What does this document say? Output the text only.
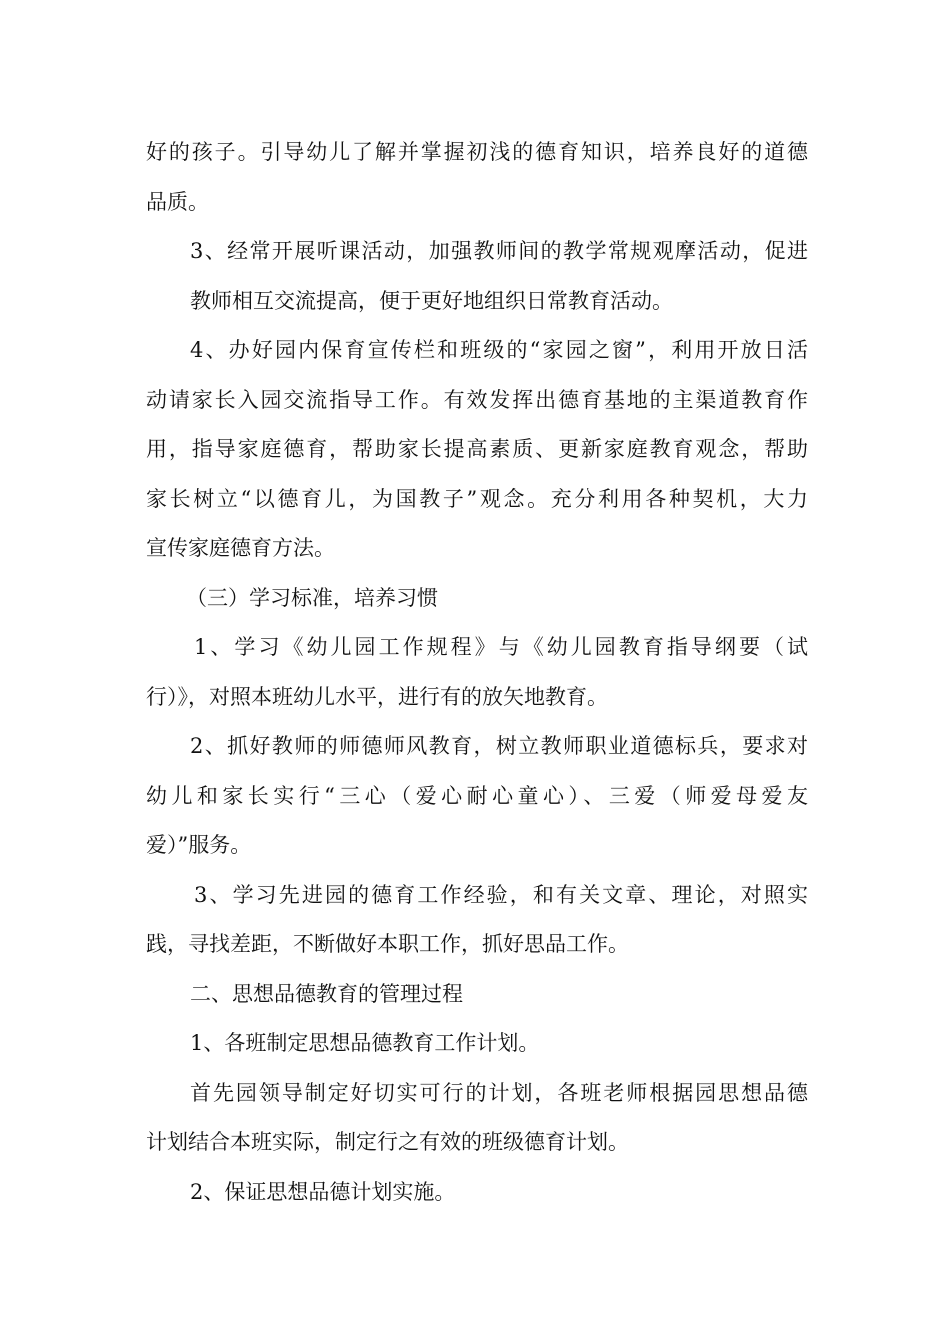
好的孩子。引导幼儿了解并掌握初浅的德育知识，培养良好的道德
品质。
3、经常开展听课活动，加强教师间的教学常规观摩活动，促进
教师相互交流提高，便于更好地组织日常教育活动。
4、办好园内保育宣传栏和班级的“家园之窗”，利用开放日活
动请家长入园交流指导工作。有效发挥出德育基地的主渠道教育作
用，指导家庭德育，帮助家长提高素质、更新家庭教育观念，帮助
家长树立“以德育儿，为国教子”观念。充分利用各种契机，大力
宣传家庭德育方法。
（三）学习标准，培养习惯
1、学习《幼儿园工作规程》与《幼儿园教育指导纲要（试
行）》，对照本班幼儿水平，进行有的放矢地教育。
2、抓好教师的师德师风教育，树立教师职业道德标兵，要求对
幼儿和家长实行“三心（爱心耐心童心）、三爱（师爱母爱友
爱）”服务。
3、学习先进园的德育工作经验，和有关文章、理论，对照实
践，寻找差距，不断做好本职工作，抓好思品工作。
二、思想品德教育的管理过程
1、各班制定思想品德教育工作计划。
首先园领导制定好切实可行的计划，各班老师根据园思想品德
计划结合本班实际，制定行之有效的班级德育计划。
2、保证思想品德计划实施。
